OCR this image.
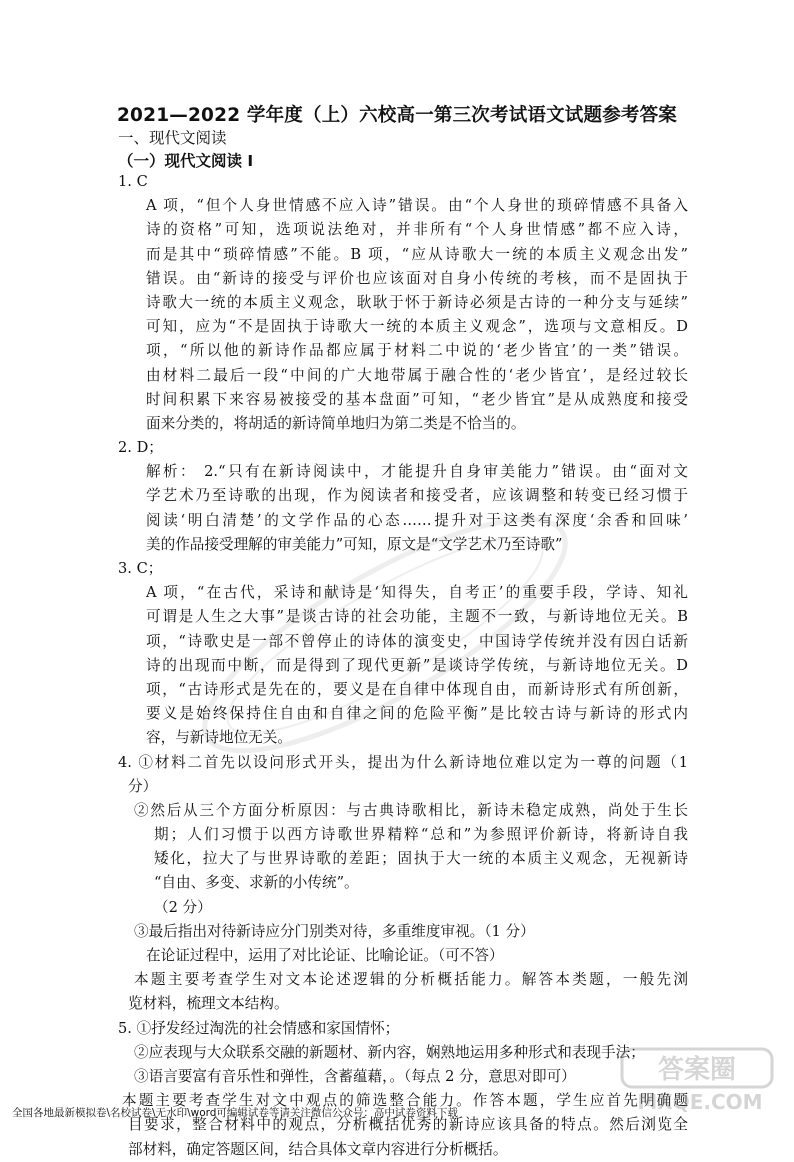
2021—2022 学年度（上）六校高一第三次考试语文试题参考答案
一、现代文阅读
（一）现代文阅读 I
1. C
A 项，“但个人身世情感不应入诗”错误。由“个人身世的琐碎情感不具备入
诗的资格”可知，选项说法绝对，并非所有“个人身世情感”都不应入诗，
而是其中“琐碎情感”不能。B 项，“应从诗歌大一统的本质主义观念出发”
错误。由“新诗的接受与评价也应该面对自身小传统的考核，而不是固执于
诗歌大一统的本质主义观念，耿耿于怀于新诗必须是古诗的一种分支与延续”
可知，应为“不是固执于诗歌大一统的本质主义观念”，选项与文意相反。D
项，“所以他的新诗作品都应属于材料二中说的‘老少皆宜’的一类”错误。
由材料二最后一段“中间的广大地带属于融合性的‘老少皆宜’，是经过较长
时间积累下来容易被接受的基本盘面”可知，“老少皆宜”是从成熟度和接受
面来分类的，将胡适的新诗简单地归为第二类是不恰当的。
2. D；
解析： 2.“只有在新诗阅读中，才能提升自身审美能力”错误。由“面对文
学艺术乃至诗歌的出现，作为阅读者和接受者，应该调整和转变已经习惯于
阅读‘明白清楚’的文学作品的心态……提升对于这类有深度‘余香和回味’
美的作品接受理解的审美能力”可知，原文是“文学艺术乃至诗歌”
3. C；
A 项，“在古代，采诗和献诗是‘知得失，自考正’的重要手段，学诗、知礼
可谓是人生之大事”是谈古诗的社会功能，主题不一致，与新诗地位无关。B
项，“诗歌史是一部不曾停止的诗体的演变史，中国诗学传统并没有因白话新
诗的出现而中断，而是得到了现代更新”是谈诗学传统，与新诗地位无关。D
项，“古诗形式是先在的，要义是在自律中体现自由，而新诗形式有所创新，
要义是始终保持住自由和自律之间的危险平衡”是比较古诗与新诗的形式内
容，与新诗地位无关。
4. ①材料二首先以设问形式开头，提出为什么新诗地位难以定为一尊的问题（1
分）
②然后从三个方面分析原因：与古典诗歌相比，新诗未稳定成熟，尚处于生长
期；人们习惯于以西方诗歌世界精粹“总和”为参照评价新诗，将新诗自我
矮化，拉大了与世界诗歌的差距；固执于大一统的本质主义观念，无视新诗
“自由、多变、求新的小传统”。
（2 分）
③最后指出对待新诗应分门别类对待，多重维度审视。（1 分）
在论证过程中，运用了对比论证、比喻论证。（可不答）
本题主要考查学生对文本论述逻辑的分析概括能力。解答本类题，一般先浏
览材料，梳理文本结构。
5. ①抒发经过淘洗的社会情感和家国情怀；
②应表现与大众联系交融的新题材、新内容，娴熟地运用多种形式和表现手法；
③语言要富有音乐性和弹性，含蓄蕴藉，。（每点 2 分，意思对即可）
本题主要考查学生对文中观点的筛选整合能力。作答本题，学生应首先明确题
目要求，整合材料中的观点，分析概括优秀的新诗应该具备的特点。然后浏览全
部材料，确定答题区间，结合具体文章内容进行分析概括。
答案圈
MXQE.COM
全国各地最新模拟卷\名校试卷\无水印\word可编辑试卷等请关注微信公众号：高中试卷资料下载
